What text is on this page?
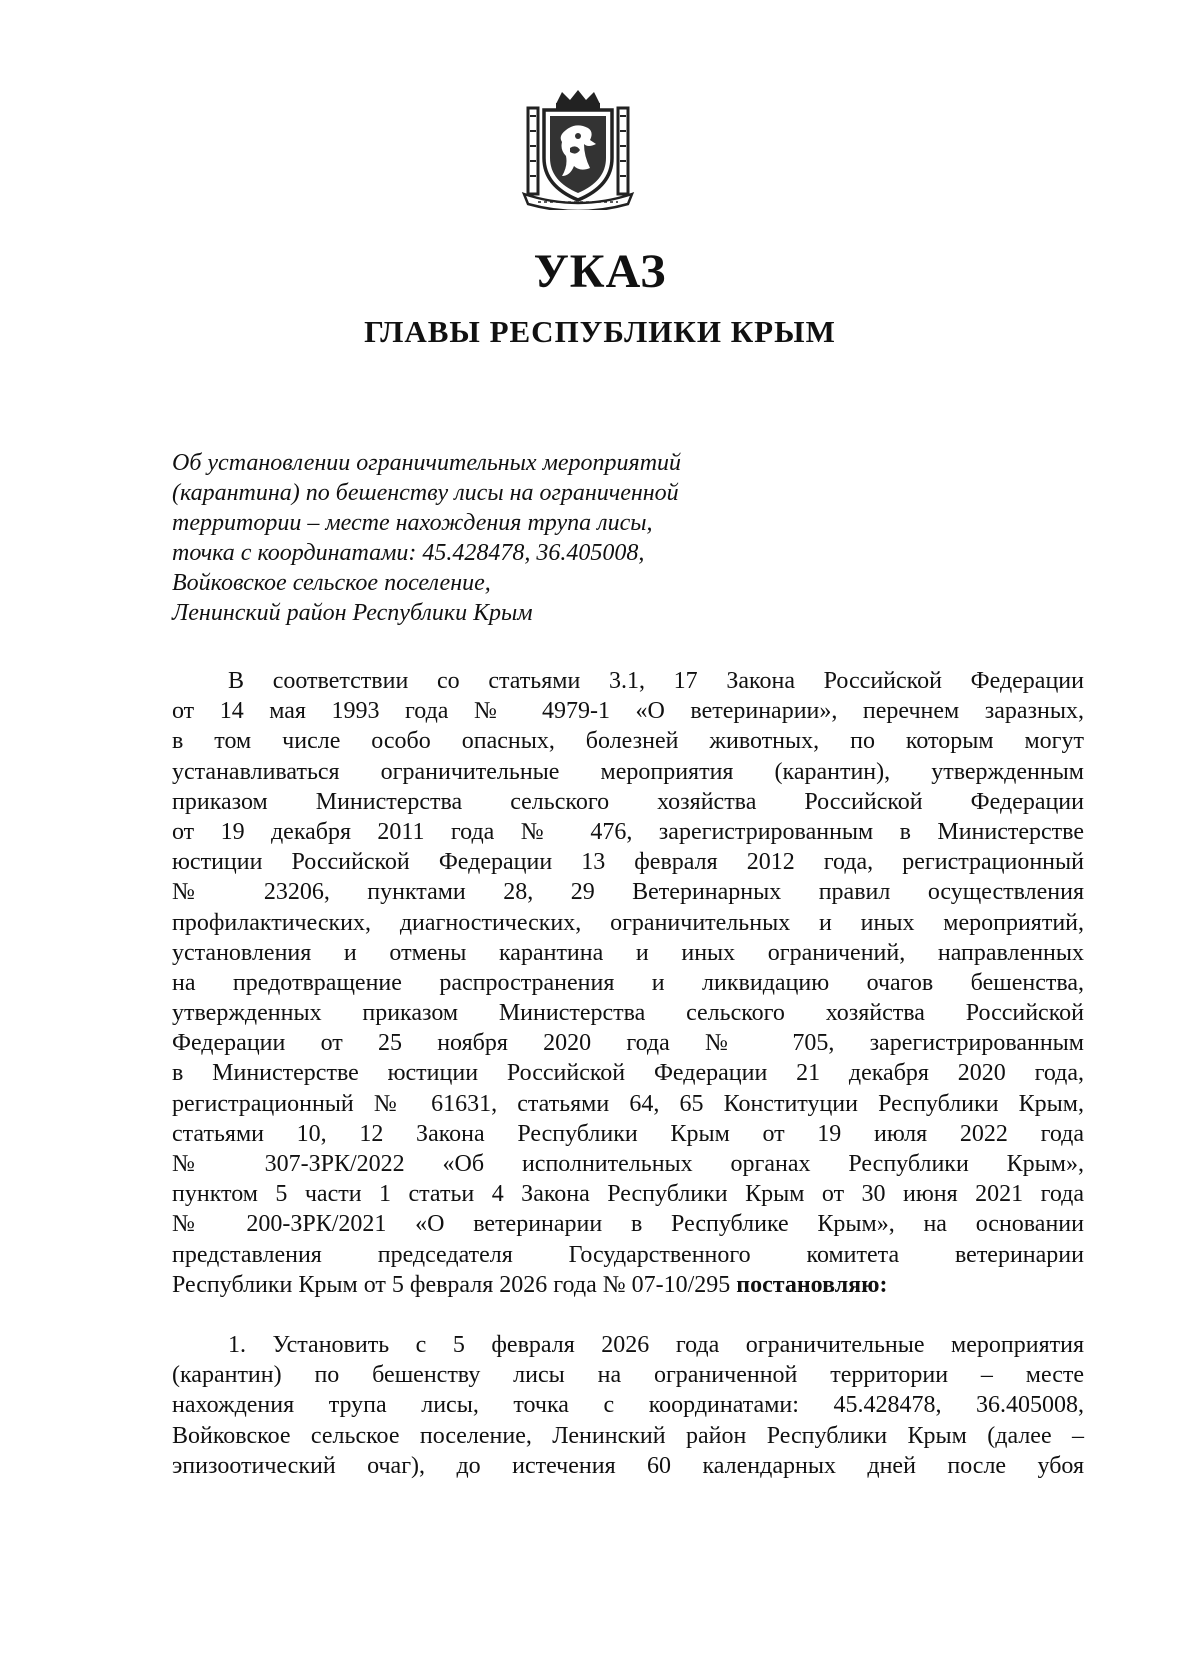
УКАЗ
ГЛАВЫ РЕСПУБЛИКИ КРЫМ
Об установлении ограничительных мероприятий
(карантина) по бешенству лисы на ограниченной
территории – месте нахождения трупа лисы,
точка с координатами: 45.428478, 36.405008,
Войковское сельское поселение,
Ленинский район Республики Крым
В соответствии со статьями 3.1, 17 Закона Российской Федерации
от 14 мая 1993 года № 4979-1 «О ветеринарии», перечнем заразных,
в том числе особо опасных, болезней животных, по которым могут
устанавливаться ограничительные мероприятия (карантин), утвержденным
приказом Министерства сельского хозяйства Российской Федерации
от 19 декабря 2011 года № 476, зарегистрированным в Министерстве
юстиции Российской Федерации 13 февраля 2012 года, регистрационный
№ 23206, пунктами 28, 29 Ветеринарных правил осуществления
профилактических, диагностических, ограничительных и иных мероприятий,
установления и отмены карантина и иных ограничений, направленных
на предотвращение распространения и ликвидацию очагов бешенства,
утвержденных приказом Министерства сельского хозяйства Российской
Федерации от 25 ноября 2020 года № 705, зарегистрированным
в Министерстве юстиции Российской Федерации 21 декабря 2020 года,
регистрационный № 61631, статьями 64, 65 Конституции Республики Крым,
статьями 10, 12 Закона Республики Крым от 19 июля 2022 года
№ 307-ЗРК/2022 «Об исполнительных органах Республики Крым»,
пунктом 5 части 1 статьи 4 Закона Республики Крым от 30 июня 2021 года
№ 200-ЗРК/2021 «О ветеринарии в Республике Крым», на основании
представления председателя Государственного комитета ветеринарии
Республики Крым от 5 февраля 2026 года № 07-10/295 постановляю:
1. Установить с 5 февраля 2026 года ограничительные мероприятия
(карантин) по бешенству лисы на ограниченной территории – месте
нахождения трупа лисы, точка с координатами: 45.428478, 36.405008,
Войковское сельское поселение, Ленинский район Республики Крым (далее –
эпизоотический очаг), до истечения 60 календарных дней после убоя
